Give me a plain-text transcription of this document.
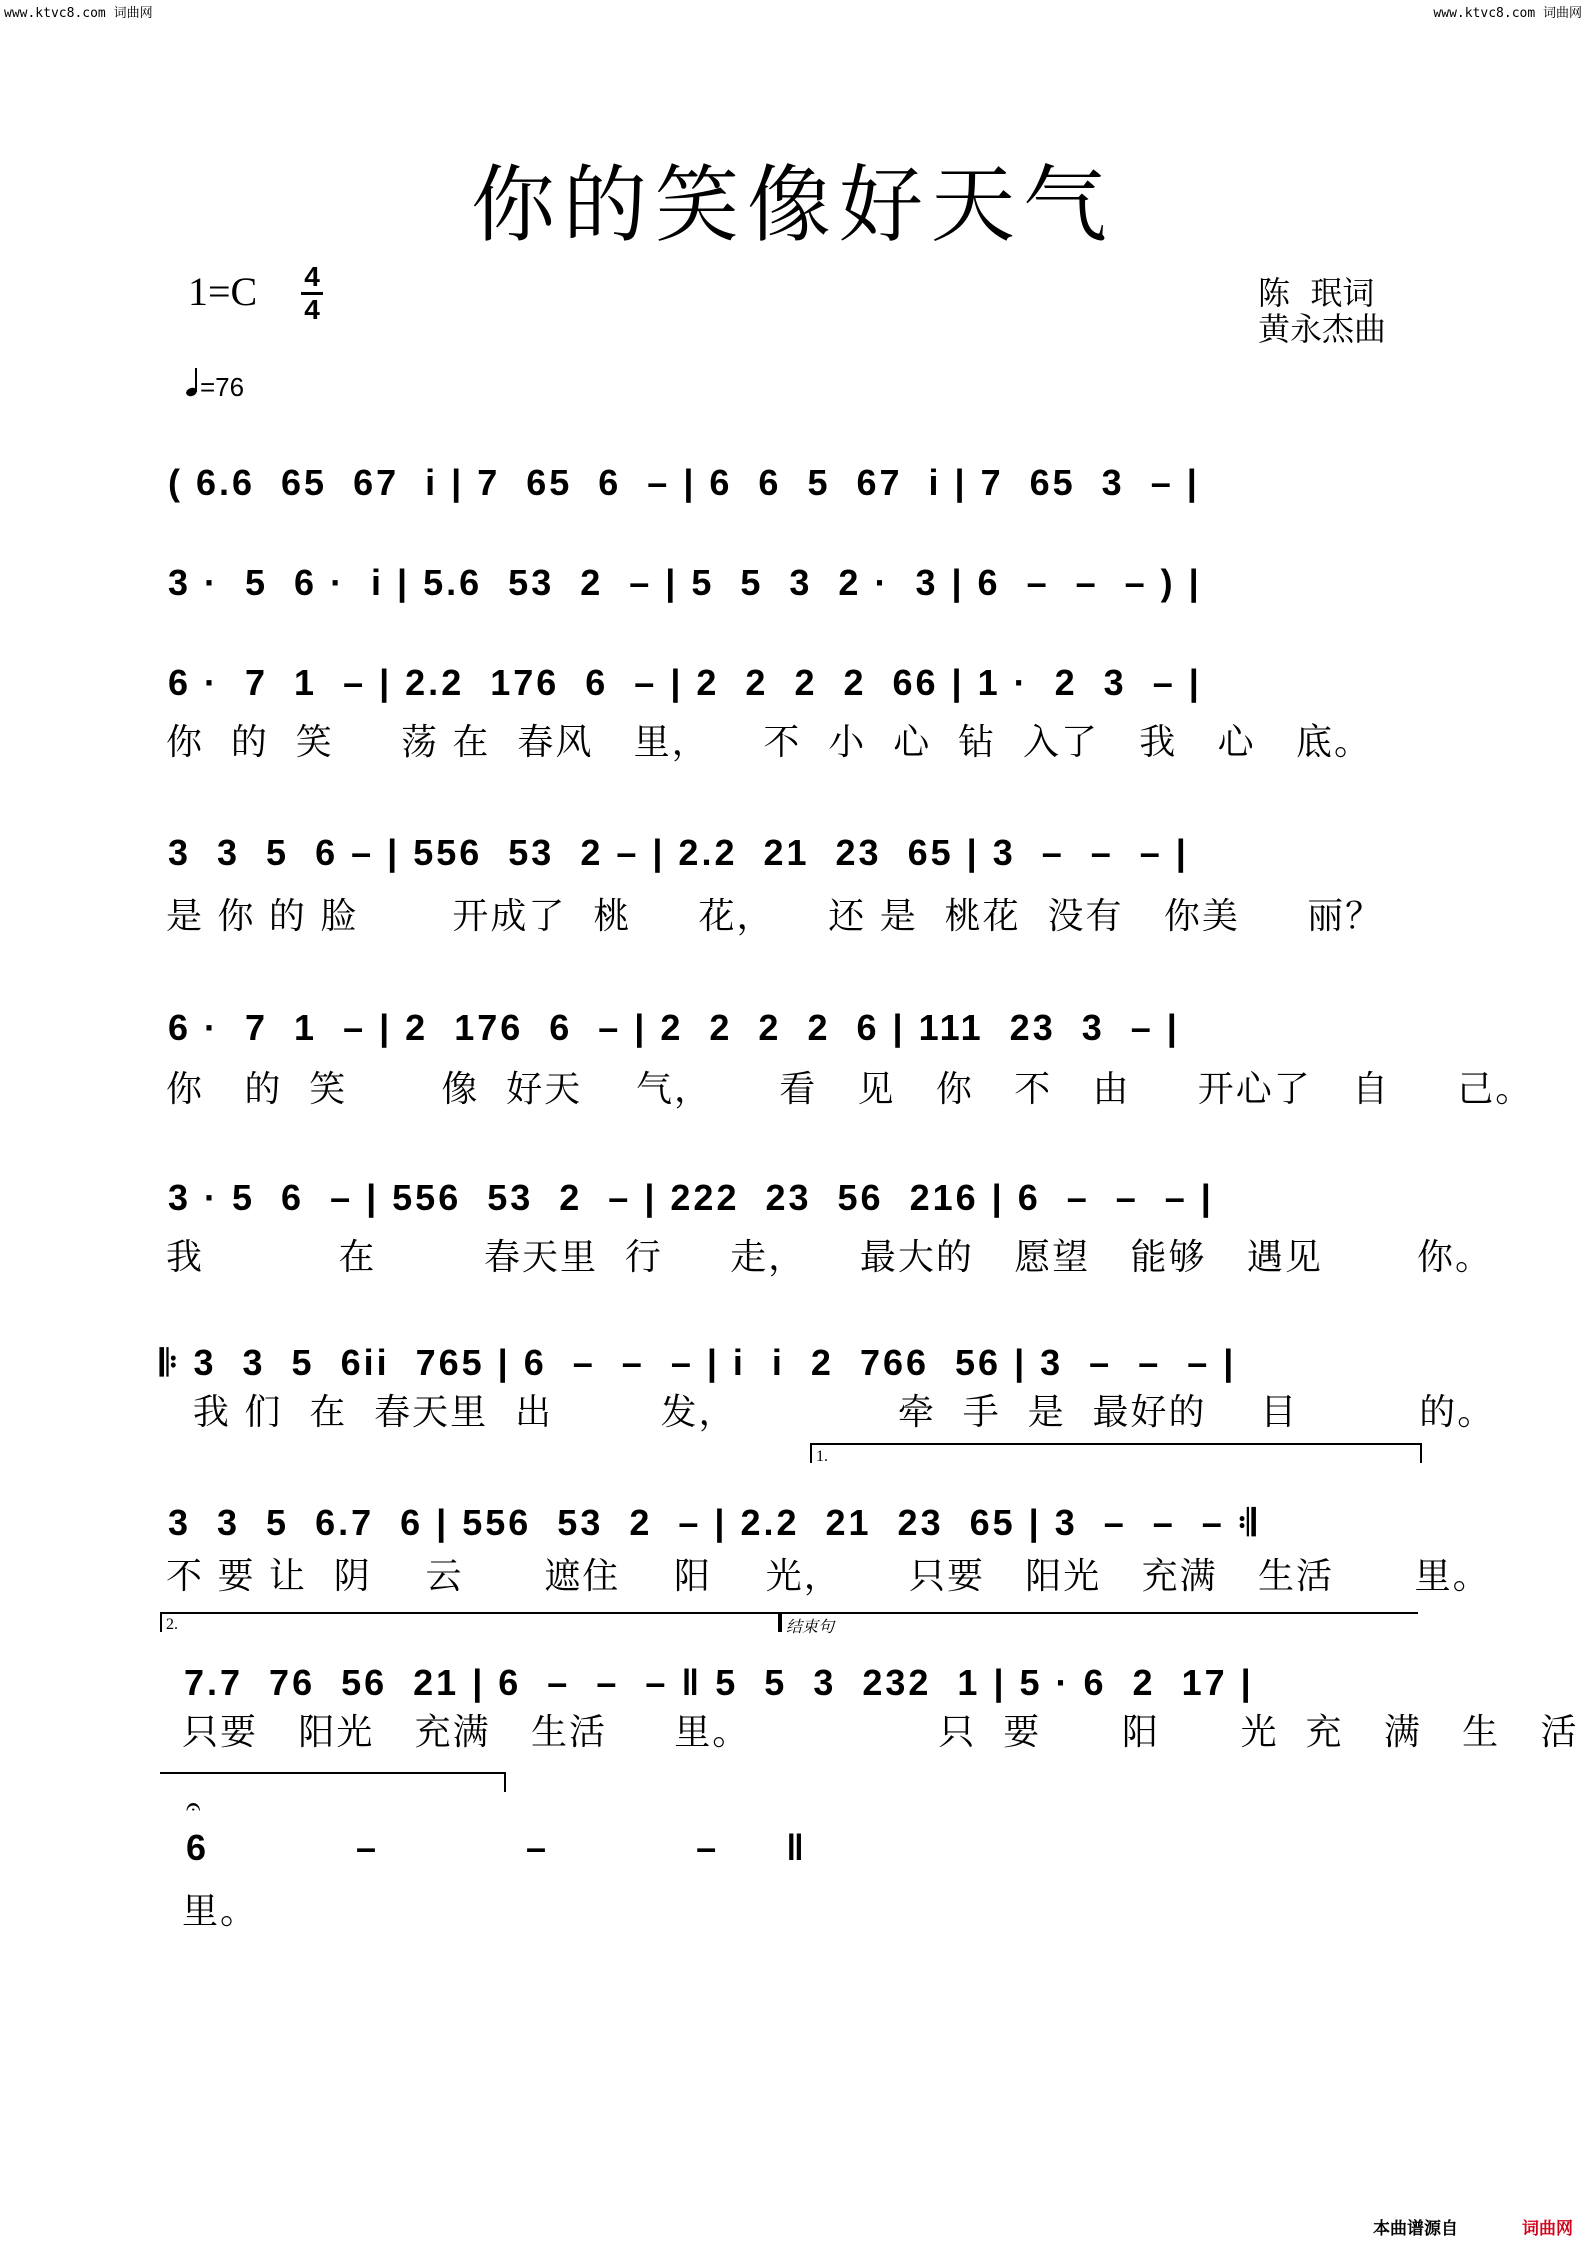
www.ktvc8.com 词曲网	www.ktvc8.com 词曲网
你的笑像好天气
1=C 4
4
=76
陈  珉词
黄永杰曲
( 6.6  65  67  i | 7  65  6  – | 6  6  5  67  i | 7  65  3  – |
3 ·  5  6 ·  i | 5.6  53  2  – | 5  5  3  2 ·  3 | 6  –  –  – ) |
6 ·  7  1  – | 2.2  176  6  – | 2  2  2  2  66 | 1 ·  2  3  – |
你  的  笑     荡 在  春风   里，    不  小  心  钻  入了   我   心   底。
3  3  5  6 – | 556  53  2 – | 2.2  21  23  65 | 3  –  –  – |
是 你 的 脸       开成了  桃     花，    还 是  桃花  没有   你美     丽？
6 ·  7  1  – | 2  176  6  – | 2  2  2  2  6 | 111  23  3  – |
你   的  笑       像  好天    气，     看   见   你   不   由     开心了   自     己。
3 · 5  6  – | 556  53  2  – | 222  23  56  216 | 6  –  –  – |
我          在        春天里  行     走，    最大的   愿望   能够   遇见       你。
𝄆 3  3  5  6ii  765 | 6  –  –  – | i  i  2  766  56 | 3  –  –  – |
我 们  在  春天里  出        发，            牵  手  是  最好的    目         的。
1.
3  3  5  6.7  6 | 556  53  2  – | 2.2  21  23  65 | 3  –  –  – 𝄇
不 要 让  阴    云      遮住    阳    光，     只要   阳光   充满   生活      里。
2.	结束句
7.7  76  56  21 | 6  –  –  – ‖ 5  5  3  232  1 | 5 · 6  2  17 |
只要   阳光   充满   生活     里。              只  要      阳      光  充   满   生   活
𝄐
6   –   –   – ‖
里。
本曲谱源自	词曲网
